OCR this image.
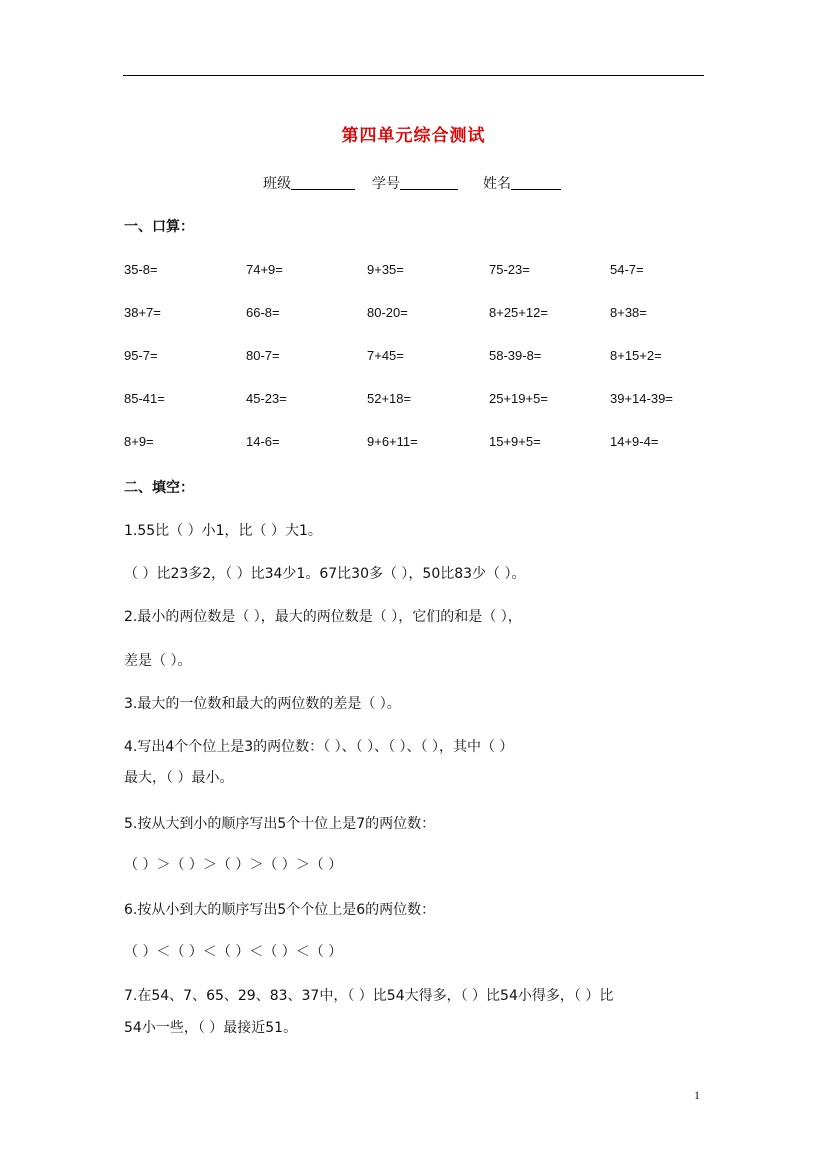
第四单元综合测试
班级	学号	姓名
一、口算：
35-8=	74+9=	9+35=	75-23=	54-7=
38+7=	66-8=	80-20=	8+25+12=	8+38=
95-7=	80-7=	7+45=	58-39-8=	8+15+2=
85-41=	45-23=	52+18=	25+19+5=	39+14-39=
8+9=	14-6=	9+6+11=	15+9+5=	14+9-4=
二、填空：
1.55比（ ）小1，比（ ）大1。
（ ）比23多2，（ ）比34少1。67比30多（ ），50比83少（ ）。
2.最小的两位数是（ ），最大的两位数是（ ），它们的和是（ ），
差是（ ）。
3.最大的一位数和最大的两位数的差是（ ）。
4.写出4个个位上是3的两位数：（ ）、（ ）、（ ）、（ ），其中（ ）
最大，（ ）最小。
5.按从大到小的顺序写出5个十位上是7的两位数：
（ ）＞（ ）＞（ ）＞（ ）＞（ ）
6.按从小到大的顺序写出5个个位上是6的两位数：
（ ）＜（ ）＜（ ）＜（ ）＜（ ）
7.在54、7、65、29、83、37中，（ ）比54大得多，（ ）比54小得多，（ ）比
54小一些，（ ）最接近51。
1
